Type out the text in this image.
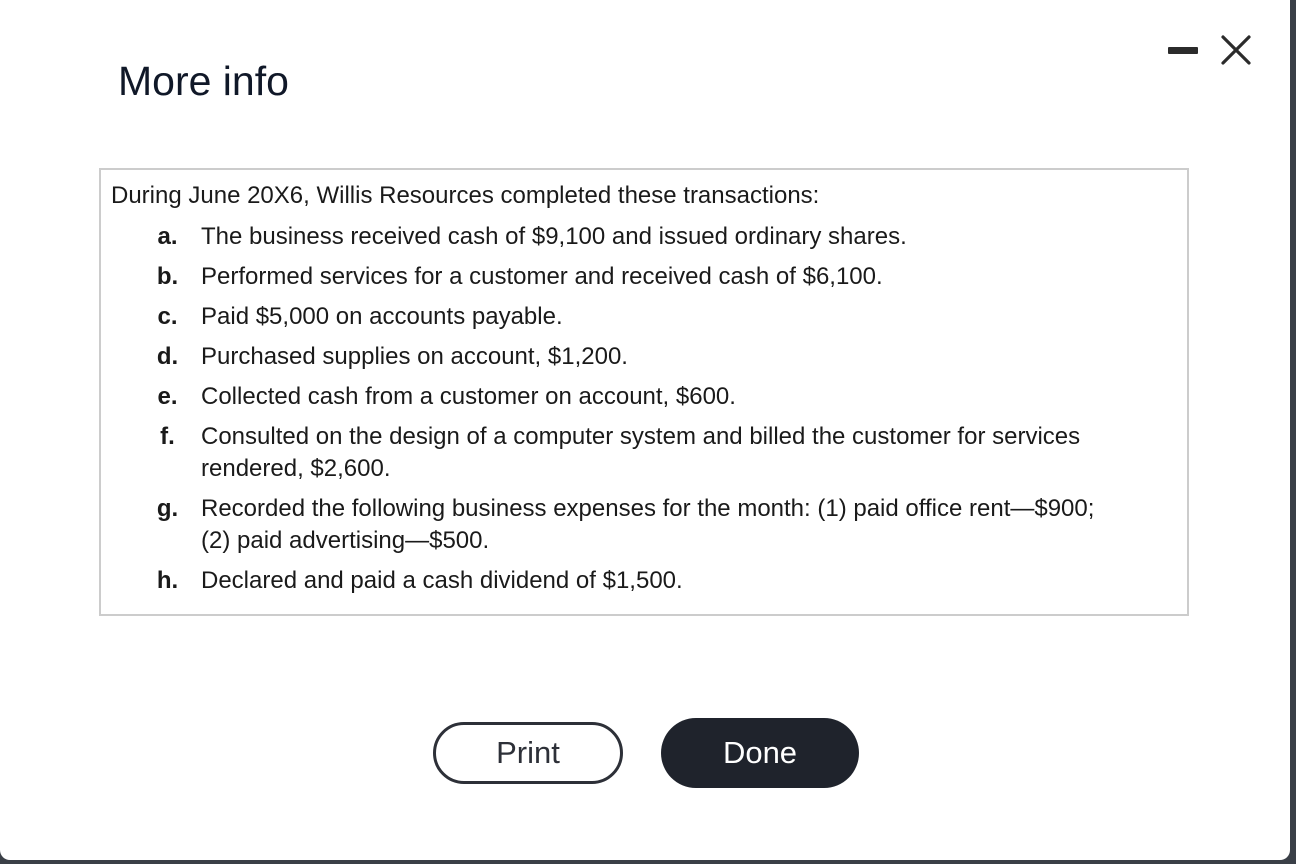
More info

During June 20X6, Willis Resources completed these transactions:

a. The business received cash of $9,100 and issued ordinary shares.
b. Performed services for a customer and received cash of $6,100.
c. Paid $5,000 on accounts payable.
d. Purchased supplies on account, $1,200.
e. Collected cash from a customer on account, $600.
f.	Consulted on the design of a computer system and billed the customer for services rendered, $2,600.
g. Recorded the following business expenses for the month: (1) paid office rent—$900; (2) paid advertising—$500.
h. Declared and paid a cash dividend of $1,500.
Print	Done
